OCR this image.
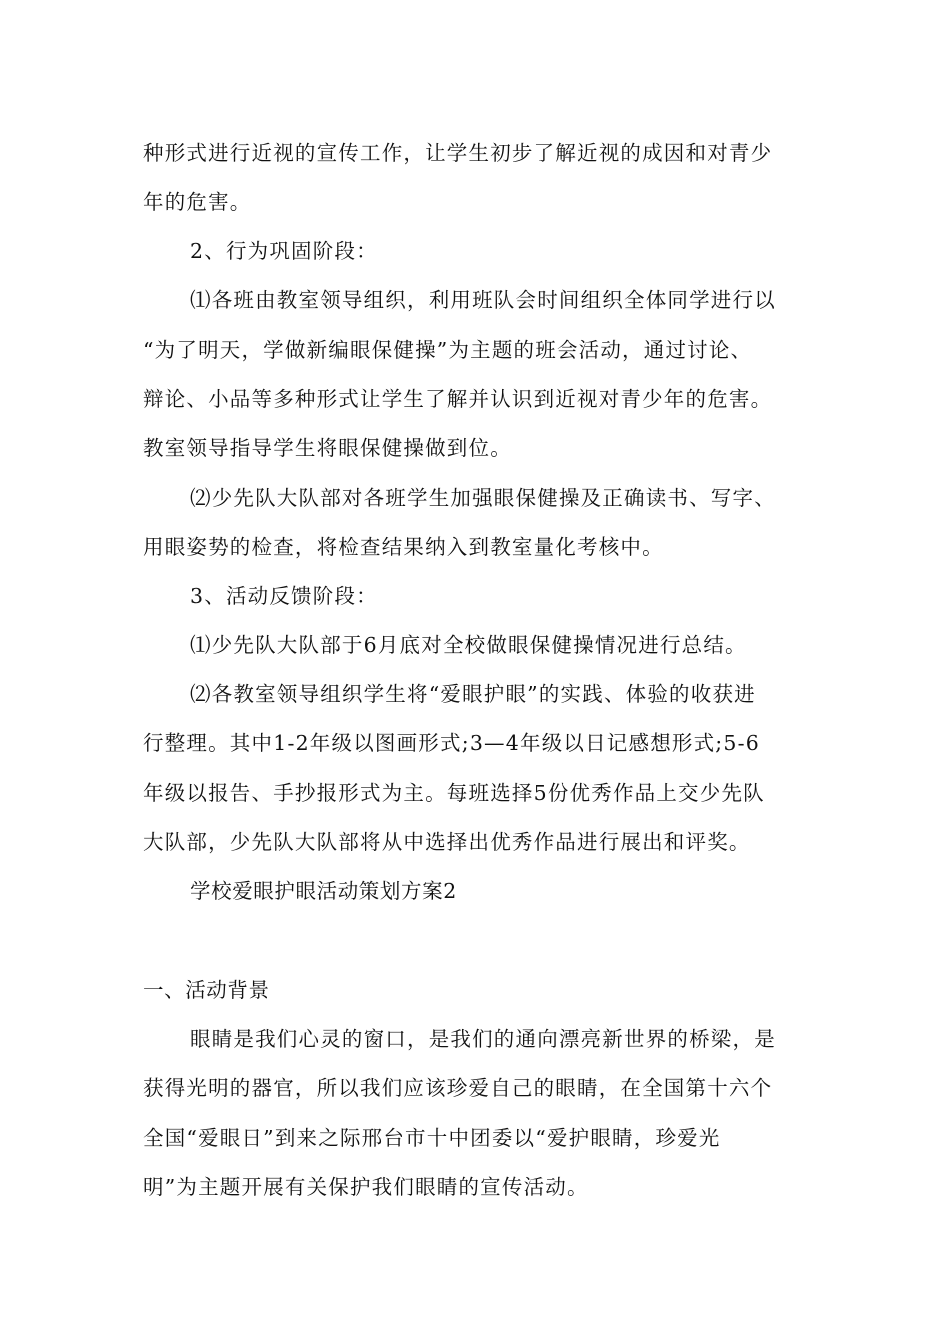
种形式进行近视的宣传工作，让学生初步了解近视的成因和对青少
年的危害。
2、行为巩固阶段：
⑴各班由教室领导组织，利用班队会时间组织全体同学进行以
“为了明天，学做新编眼保健操”为主题的班会活动，通过讨论、
辩论、小品等多种形式让学生了解并认识到近视对青少年的危害。
教室领导指导学生将眼保健操做到位。
⑵少先队大队部对各班学生加强眼保健操及正确读书、写字、
用眼姿势的检查，将检查结果纳入到教室量化考核中。
3、活动反馈阶段：
⑴少先队大队部于6月底对全校做眼保健操情况进行总结。
⑵各教室领导组织学生将“爱眼护眼”的实践、体验的收获进
行整理。其中1-2年级以图画形式;3—4年级以日记感想形式;5-6
年级以报告、手抄报形式为主。每班选择5份优秀作品上交少先队
大队部，少先队大队部将从中选择出优秀作品进行展出和评奖。
学校爱眼护眼活动策划方案2
一、活动背景
眼睛是我们心灵的窗口，是我们的通向漂亮新世界的桥梁，是
获得光明的器官，所以我们应该珍爱自己的眼睛，在全国第十六个
全国“爱眼日”到来之际邢台市十中团委以“爱护眼睛，珍爱光
明”为主题开展有关保护我们眼睛的宣传活动。
